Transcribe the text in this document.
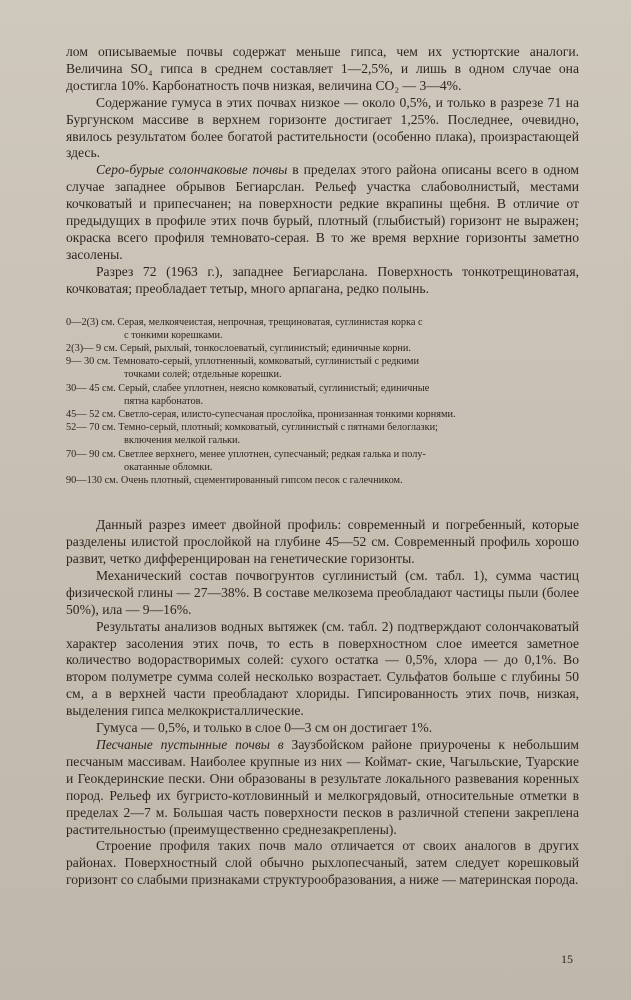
лом описываемые почвы содержат меньше гипса, чем их устюртские аналоги. Величина SO₄ гипса в среднем составляет 1—2,5%, и лишь в одном случае она достигла 10%. Карбонатность почв низкая, величина CO₂ — 3—4%.

Содержание гумуса в этих почвах низкое — около 0,5%, и только в разрезе 71 на Бургунском массиве в верхнем горизонте достигает 1,25%. Последнее, очевидно, явилось результатом более богатой растительности (особенно плака), произрастающей здесь.

Серо-бурые солончаковые почвы в пределах этого района описаны всего в одном случае западнее обрывов Бегиарслан. Рельеф участка слабоволнистый, местами кочковатый и припесчанен; на поверхности редкие вкрапины щебня. В отличие от предыдущих в профиле этих почв бурый, плотный (глыбистый) горизонт не выражен; окраска всего профиля темновато-серая. В то же время верхние горизонты заметно засолены.

Разрез 72 (1963 г.), западнее Бегиарслана. Поверхность тонкотрещиноватая, кочковатая; преобладает тетыр, много арпагана, редко полынь.

0—2(3) см.
Серая, мелкоячеистая, непрочная, трещиноватая, суглинистая корка с
с тонкими корешками.
2(3)— 9 см.
Серый, рыхлый, тонкослоеватый, суглинистый; единичные корни.
9— 30 см.
Темновато-серый, уплотненный, комковатый, суглинистый с редкими
точками солей; отдельные корешки.
30— 45 см.
Серый, слабее уплотнен, неясно комковатый, суглинистый; единичные
пятна карбонатов.
45— 52 см.
Светло-серая, илисто-супесчаная прослойка, пронизанная тонкими корнями.
52— 70 см.
Темно-серый, плотный; комковатый, суглинистый с пятнами белоглазки;
включения мелкой гальки.
70— 90 см.
Светлее верхнего, менее уплотнен, супесчаный; редкая галька и полу-
окатанные обломки.
90—130 см.
Очень плотный, сцементированный гипсом песок с галечником.

Данный разрез имеет двойной профиль: современный и погребенный, которые разделены илистой прослойкой на глубине 45—52 см. Современный профиль хорошо развит, четко дифференцирован на генетические горизонты.

Механический состав почвогрунтов суглинистый (см. табл. 1), сумма частиц физической глины — 27—38%. В составе мелкозема преобладают частицы пыли (более 50%), ила — 9—16%.

Результаты анализов водных вытяжек (см. табл. 2) подтверждают солончаковатый характер засоления этих почв, то есть в поверхностном слое имеется заметное количество водорастворимых солей: сухого остатка — 0,5%, хлора — до 0,1%. Во втором полуметре сумма солей несколько возрастает. Сульфатов больше с глубины 50 см, а в верхней части преобладают хлориды. Гипсированность этих почв, низкая, выделения гипса мелкокристаллические.

Гумуса — 0,5%, и только в слое 0—3 см он достигает 1%.

Песчаные пустынные почвы в Заузбойском районе приурочены к небольшим песчаным массивам. Наиболее крупные из них — Коймат- ские, Чагыльские, Туарские и Геокдеринские пески. Они образованы в результате локального развевания коренных пород. Рельеф их бугристо-котловинный и мелкогрядовый, относительные отметки в пределах 2—7 м. Большая часть поверхности песков в различной степени закреплена растительностью (преимущественно среднезакреплены).

Строение профиля таких почв мало отличается от своих аналогов в других районах. Поверхностный слой обычно рыхлопесчаный, затем следует корешковый горизонт со слабыми признаками структурообразования, а ниже — материнская порода.

15
